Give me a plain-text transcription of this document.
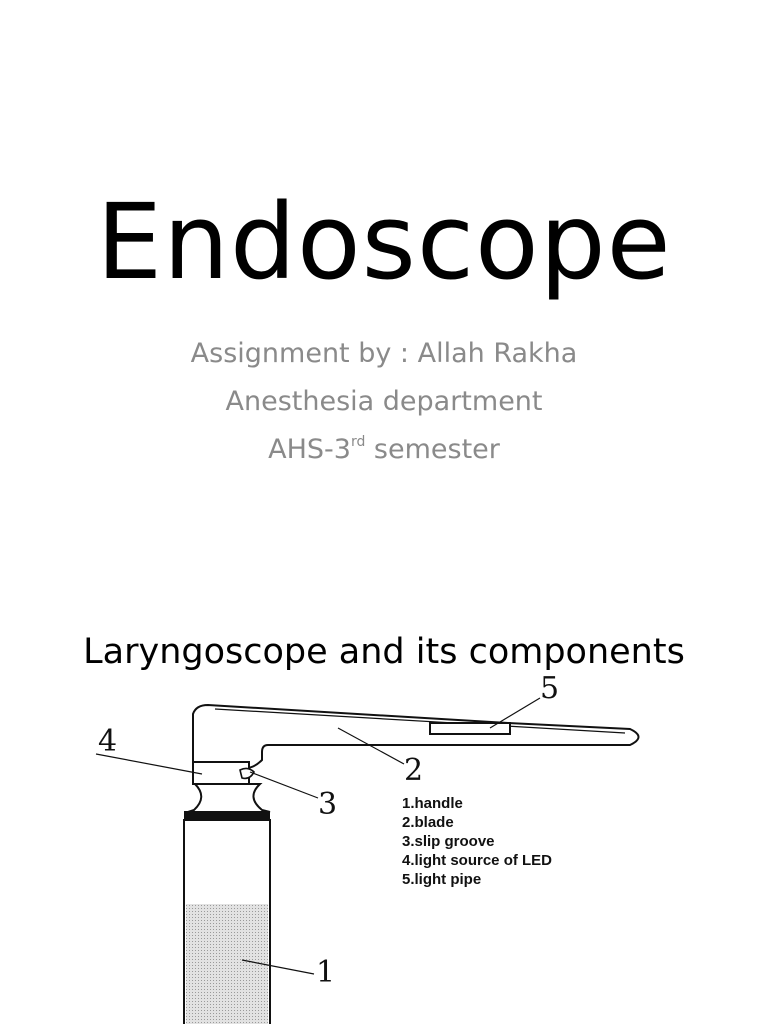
Endoscope
Assignment by : Allah Rakha
Anesthesia department
AHS-3rd semester
Laryngoscope and its components
1
2
3
4
5
1.handle
2.blade
3.slip groove
4.light source of LED
5.light pipe
